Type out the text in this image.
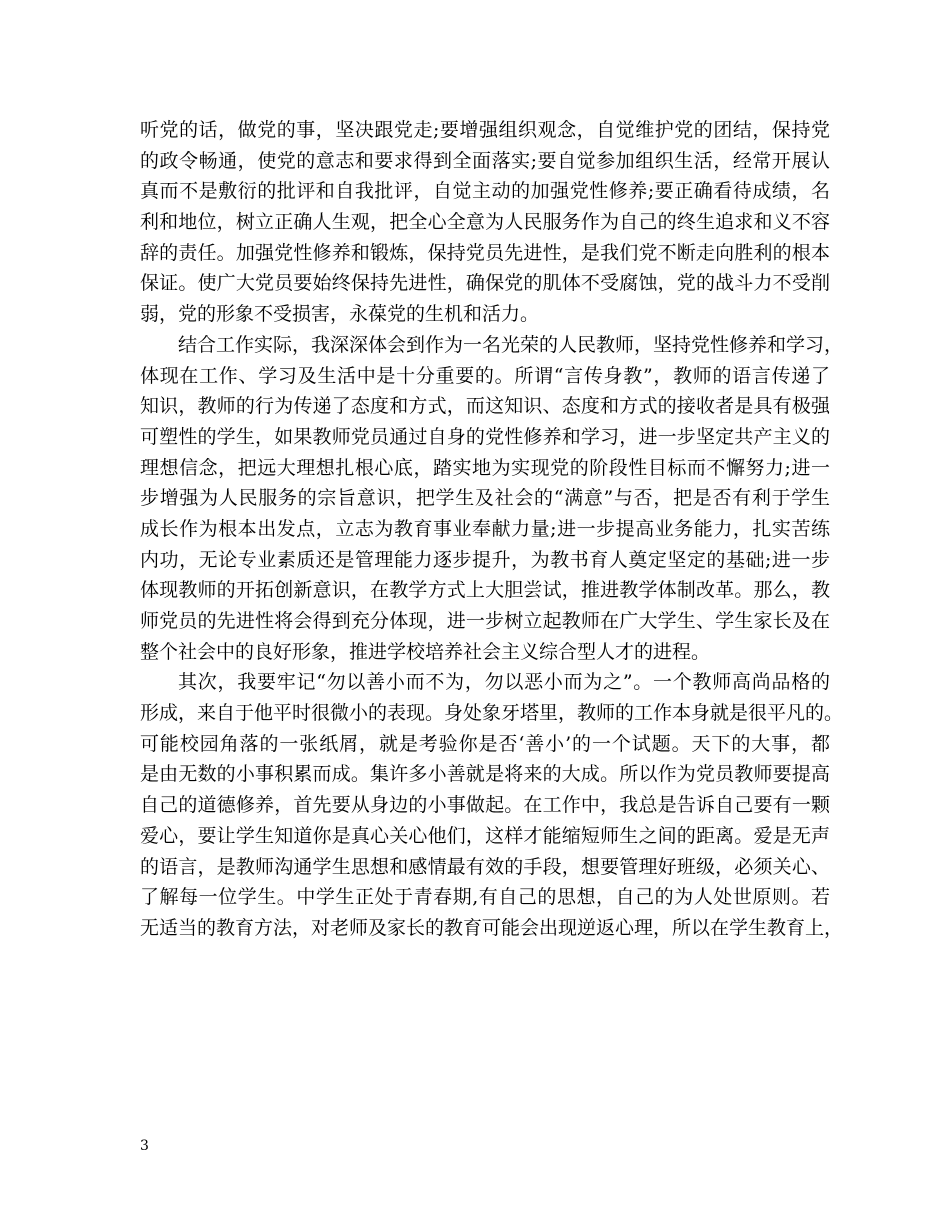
听党的话，做党的事，坚决跟党走;要增强组织观念，自觉维护党的团结，保持党
的政令畅通，使党的意志和要求得到全面落实;要自觉参加组织生活，经常开展认
真而不是敷衍的批评和自我批评，自觉主动的加强党性修养;要正确看待成绩，名
利和地位，树立正确人生观，把全心全意为人民服务作为自己的终生追求和义不容
辞的责任。加强党性修养和锻炼，保持党员先进性，是我们党不断走向胜利的根本
保证。使广大党员要始终保持先进性，确保党的肌体不受腐蚀，党的战斗力不受削
弱，党的形象不受损害，永葆党的生机和活力。
结合工作实际，我深深体会到作为一名光荣的人民教师，坚持党性修养和学习，
体现在工作、学习及生活中是十分重要的。所谓“言传身教”，教师的语言传递了
知识，教师的行为传递了态度和方式，而这知识、态度和方式的接收者是具有极强
可塑性的学生，如果教师党员通过自身的党性修养和学习，进一步坚定共产主义的
理想信念，把远大理想扎根心底，踏实地为实现党的阶段性目标而不懈努力;进一
步增强为人民服务的宗旨意识，把学生及社会的“满意”与否，把是否有利于学生
成长作为根本出发点，立志为教育事业奉献力量;进一步提高业务能力，扎实苦练
内功，无论专业素质还是管理能力逐步提升，为教书育人奠定坚定的基础;进一步
体现教师的开拓创新意识，在教学方式上大胆尝试，推进教学体制改革。那么，教
师党员的先进性将会得到充分体现，进一步树立起教师在广大学生、学生家长及在
整个社会中的良好形象，推进学校培养社会主义综合型人才的进程。
其次，我要牢记“勿以善小而不为，勿以恶小而为之”。一个教师高尚品格的
形成，来自于他平时很微小的表现。身处象牙塔里，教师的工作本身就是很平凡的。
可能校园角落的一张纸屑，就是考验你是否‘善小’的一个试题。天下的大事，都
是由无数的小事积累而成。集许多小善就是将来的大成。所以作为党员教师要提高
自己的道德修养，首先要从身边的小事做起。在工作中，我总是告诉自己要有一颗
爱心，要让学生知道你是真心关心他们，这样才能缩短师生之间的距离。爱是无声
的语言，是教师沟通学生思想和感情最有效的手段，想要管理好班级，必须关心、
了解每一位学生。中学生正处于青春期,有自己的思想，自己的为人处世原则。若
无适当的教育方法，对老师及家长的教育可能会出现逆返心理，所以在学生教育上，
3
